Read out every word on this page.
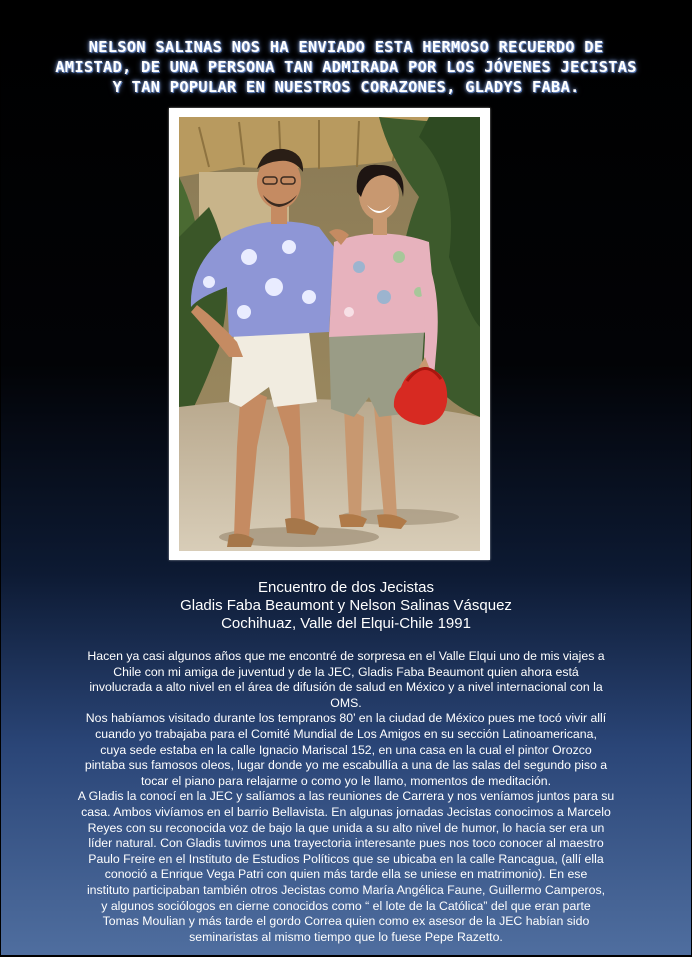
NELSON SALINAS NOS HA ENVIADO ESTA HERMOSO RECUERDO DE
AMISTAD, DE UNA PERSONA TAN ADMIRADA POR LOS JÓVENES JECISTAS
Y TAN POPULAR EN NUESTROS CORAZONES, GLADYS FABA.
Encuentro de dos Jecistas
Gladis Faba Beaumont y Nelson Salinas Vásquez
Cochihuaz, Valle del Elqui-Chile 1991
Hacen ya casi algunos años que me encontré de sorpresa en el Valle Elqui uno de mis viajes a
Chile con mi amiga de juventud y de la JEC, Gladis Faba Beaumont quien ahora está
involucrada a alto nivel en el área de difusión de salud en México y a nivel internacional con la
OMS.
Nos habíamos visitado durante los tempranos 80’ en la ciudad de México pues me tocó vivir allí
cuando yo trabajaba para el Comité Mundial de Los Amigos en su sección Latinoamericana,
cuya sede estaba en la calle Ignacio Mariscal 152, en una casa en la cual el pintor Orozco
pintaba sus famosos oleos, lugar donde yo me escabullía a una de las salas del segundo piso a
tocar el piano para relajarme o como yo le llamo, momentos de meditación.
A Gladis la conocí en la JEC y salíamos a las reuniones de Carrera y nos veníamos juntos para su
casa. Ambos vivíamos en el barrio Bellavista. En algunas jornadas Jecistas conocimos a Marcelo
Reyes con su reconocida voz de bajo la que unida a su alto nivel de humor, lo hacía ser era un
líder natural. Con Gladis tuvimos una trayectoria interesante pues nos toco conocer al maestro
Paulo Freire en el Instituto de Estudios Políticos que se ubicaba en la calle Rancagua, (allí ella
conoció a Enrique Vega Patri con quien más tarde ella se uniese en matrimonio). En ese
instituto participaban también otros Jecistas como María Angélica Faune, Guillermo Camperos,
y algunos sociólogos en cierne conocidos como “ el lote de la Católica” del que eran parte
Tomas Moulian y más tarde el gordo Correa quien como ex asesor de la JEC habían sido
seminaristas al mismo tiempo que lo fuese Pepe Razetto.
